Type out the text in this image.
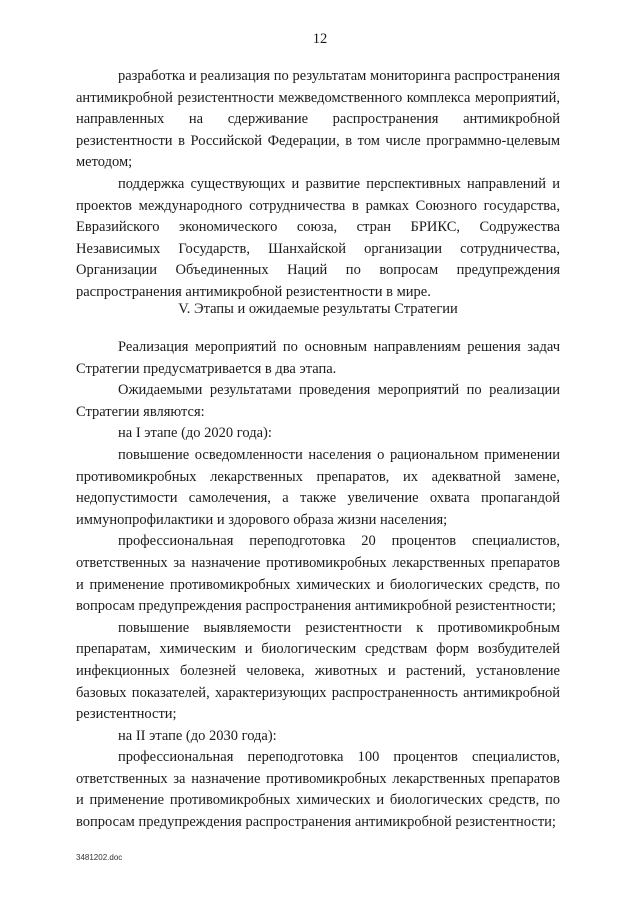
12

разработка и реализация по результатам мониторинга распространения антимикробной резистентности межведомственного комплекса мероприятий, направленных на сдерживание распространения антимикробной резистентности в Российской Федерации, в том числе программно-целевым методом;

поддержка существующих и развитие перспективных направлений и проектов международного сотрудничества в рамках Союзного государства, Евразийского экономического союза, стран БРИКС, Содружества Независимых Государств, Шанхайской организации сотрудничества, Организации Объединенных Наций по вопросам предупреждения распространения антимикробной резистентности в мире.

V. Этапы и ожидаемые результаты Стратегии

Реализация мероприятий по основным направлениям решения задач Стратегии предусматривается в два этапа.

Ожидаемыми результатами проведения мероприятий по реализации Стратегии являются:

на I этапе (до 2020 года):

повышение осведомленности населения о рациональном применении противомикробных лекарственных препаратов, их адекватной замене, недопустимости самолечения, а также увеличение охвата пропагандой иммунопрофилактики и здорового образа жизни населения;

профессиональная переподготовка 20 процентов специалистов, ответственных за назначение противомикробных лекарственных препаратов и применение противомикробных химических и биологических средств, по вопросам предупреждения распространения антимикробной резистентности;

повышение выявляемости резистентности к противомикробным препаратам, химическим и биологическим средствам форм возбудителей инфекционных болезней человека, животных и растений, установление базовых показателей, характеризующих распространенность антимикробной резистентности;

на II этапе (до 2030 года):

профессиональная переподготовка 100 процентов специалистов, ответственных за назначение противомикробных лекарственных препаратов и применение противомикробных химических и биологических средств, по вопросам предупреждения распространения антимикробной резистентности;

3481202.doc
